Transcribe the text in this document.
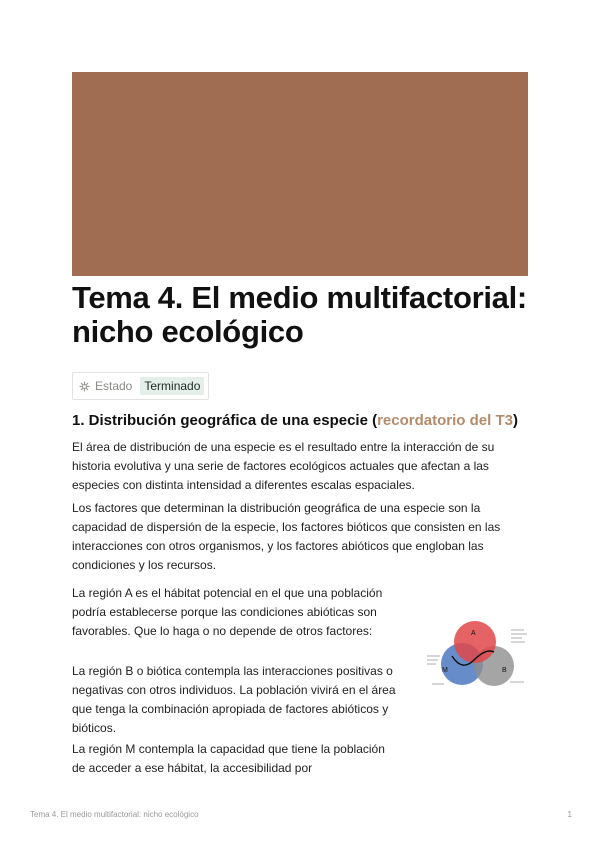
Tema 4. El medio multifactorial: nicho ecológico
Estado	Terminado
1. Distribución geográfica de una especie (recordatorio del T3)

El área de distribución de una especie es el resultado entre la interacción de su historia evolutiva y una serie de factores ecológicos actuales que afectan a las especies con distinta intensidad a diferentes escalas espaciales.

Los factores que determinan la distribución geográfica de una especie son la capacidad de dispersión de la especie, los factores bióticos que consisten en las interacciones con otros organismos, y los factores abióticos que engloban las condiciones y los recursos.

La región A es el hábitat potencial en el que una población podría establecerse porque las condiciones abióticas son favorables. Que lo haga o no depende de otros factores:

La región B o biótica contempla las interacciones positivas o negativas con otros individuos. La población vivirá en el área que tenga la combinación apropiada de factores abióticos y bióticos.

La región M contempla la capacidad que tiene la población de acceder a ese hábitat, la accesibilidad por

A
B
M
Tema 4. El medio multifactorial: nicho ecológico	1
